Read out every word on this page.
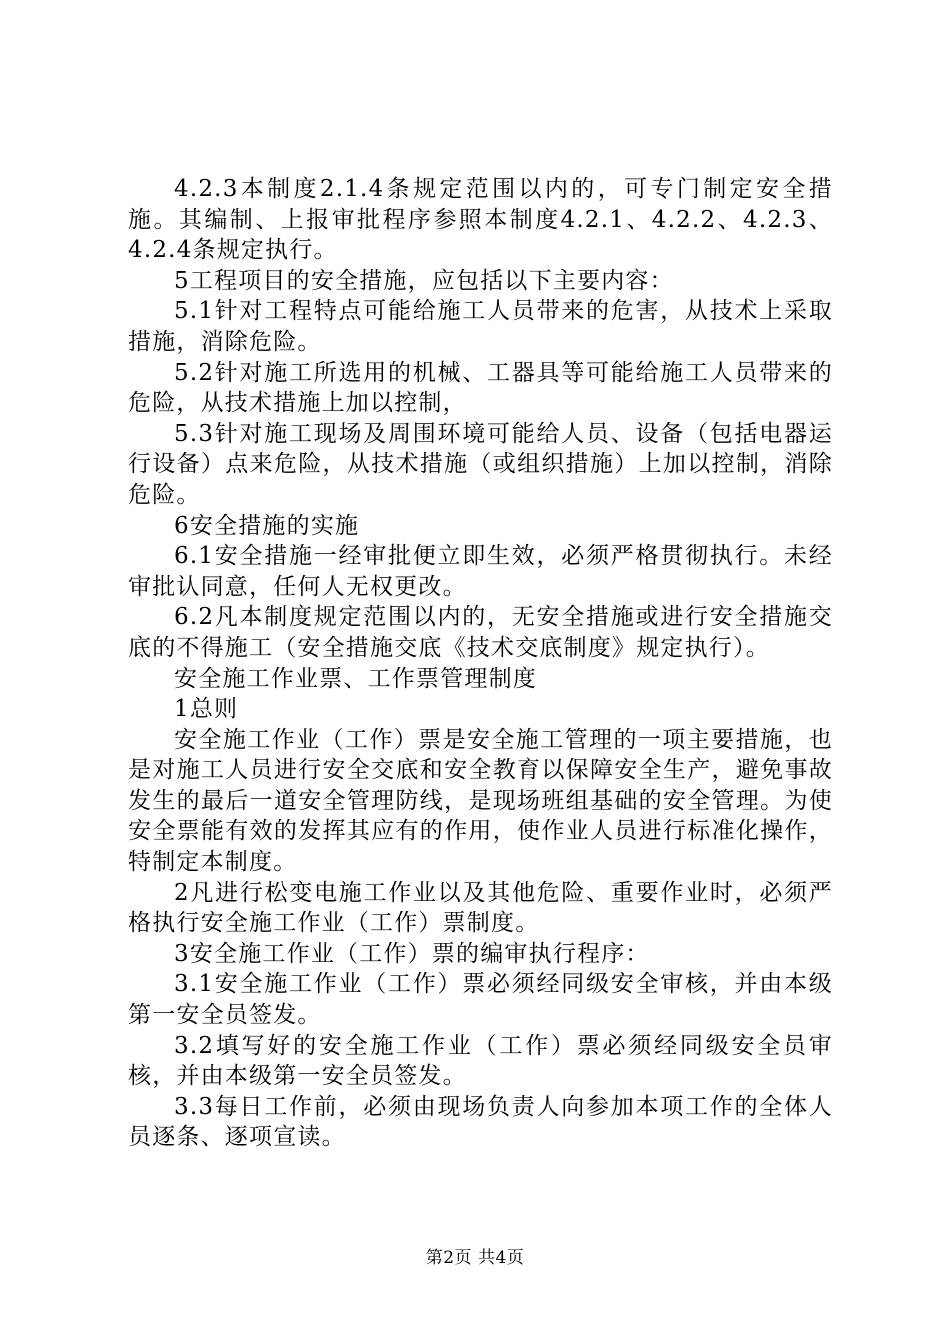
4.2.3本制度2.1.4条规定范围以内的，可专门制定安全措施。其编制、上报审批程序参照本制度4.2.1、4.2.2、4.2.3、4.2.4条规定执行。

5工程项目的安全措施，应包括以下主要内容：

5.1针对工程特点可能给施工人员带来的危害，从技术上采取措施，消除危险。

5.2针对施工所选用的机械、工器具等可能给施工人员带来的危险，从技术措施上加以控制，

5.3针对施工现场及周围环境可能给人员、设备（包括电器运行设备）点来危险，从技术措施（或组织措施）上加以控制，消除危险。

6安全措施的实施

6.1安全措施一经审批便立即生效，必须严格贯彻执行。未经审批认同意，任何人无权更改。

6.2凡本制度规定范围以内的，无安全措施或进行安全措施交底的不得施工（安全措施交底《技术交底制度》规定执行）。

安全施工作业票、工作票管理制度

1总则

安全施工作业（工作）票是安全施工管理的一项主要措施，也是对施工人员进行安全交底和安全教育以保障安全生产，避免事故发生的最后一道安全管理防线，是现场班组基础的安全管理。为使安全票能有效的发挥其应有的作用，使作业人员进行标准化操作，特制定本制度。

2凡进行松变电施工作业以及其他危险、重要作业时，必须严格执行安全施工作业（工作）票制度。

3安全施工作业（工作）票的编审执行程序：

3.1安全施工作业（工作）票必须经同级安全审核，并由本级第一安全员签发。

3.2填写好的安全施工作业（工作）票必须经同级安全员审核，并由本级第一安全员签发。

3.3每日工作前，必须由现场负责人向参加本项工作的全体人员逐条、逐项宣读。

第2页 共4页
